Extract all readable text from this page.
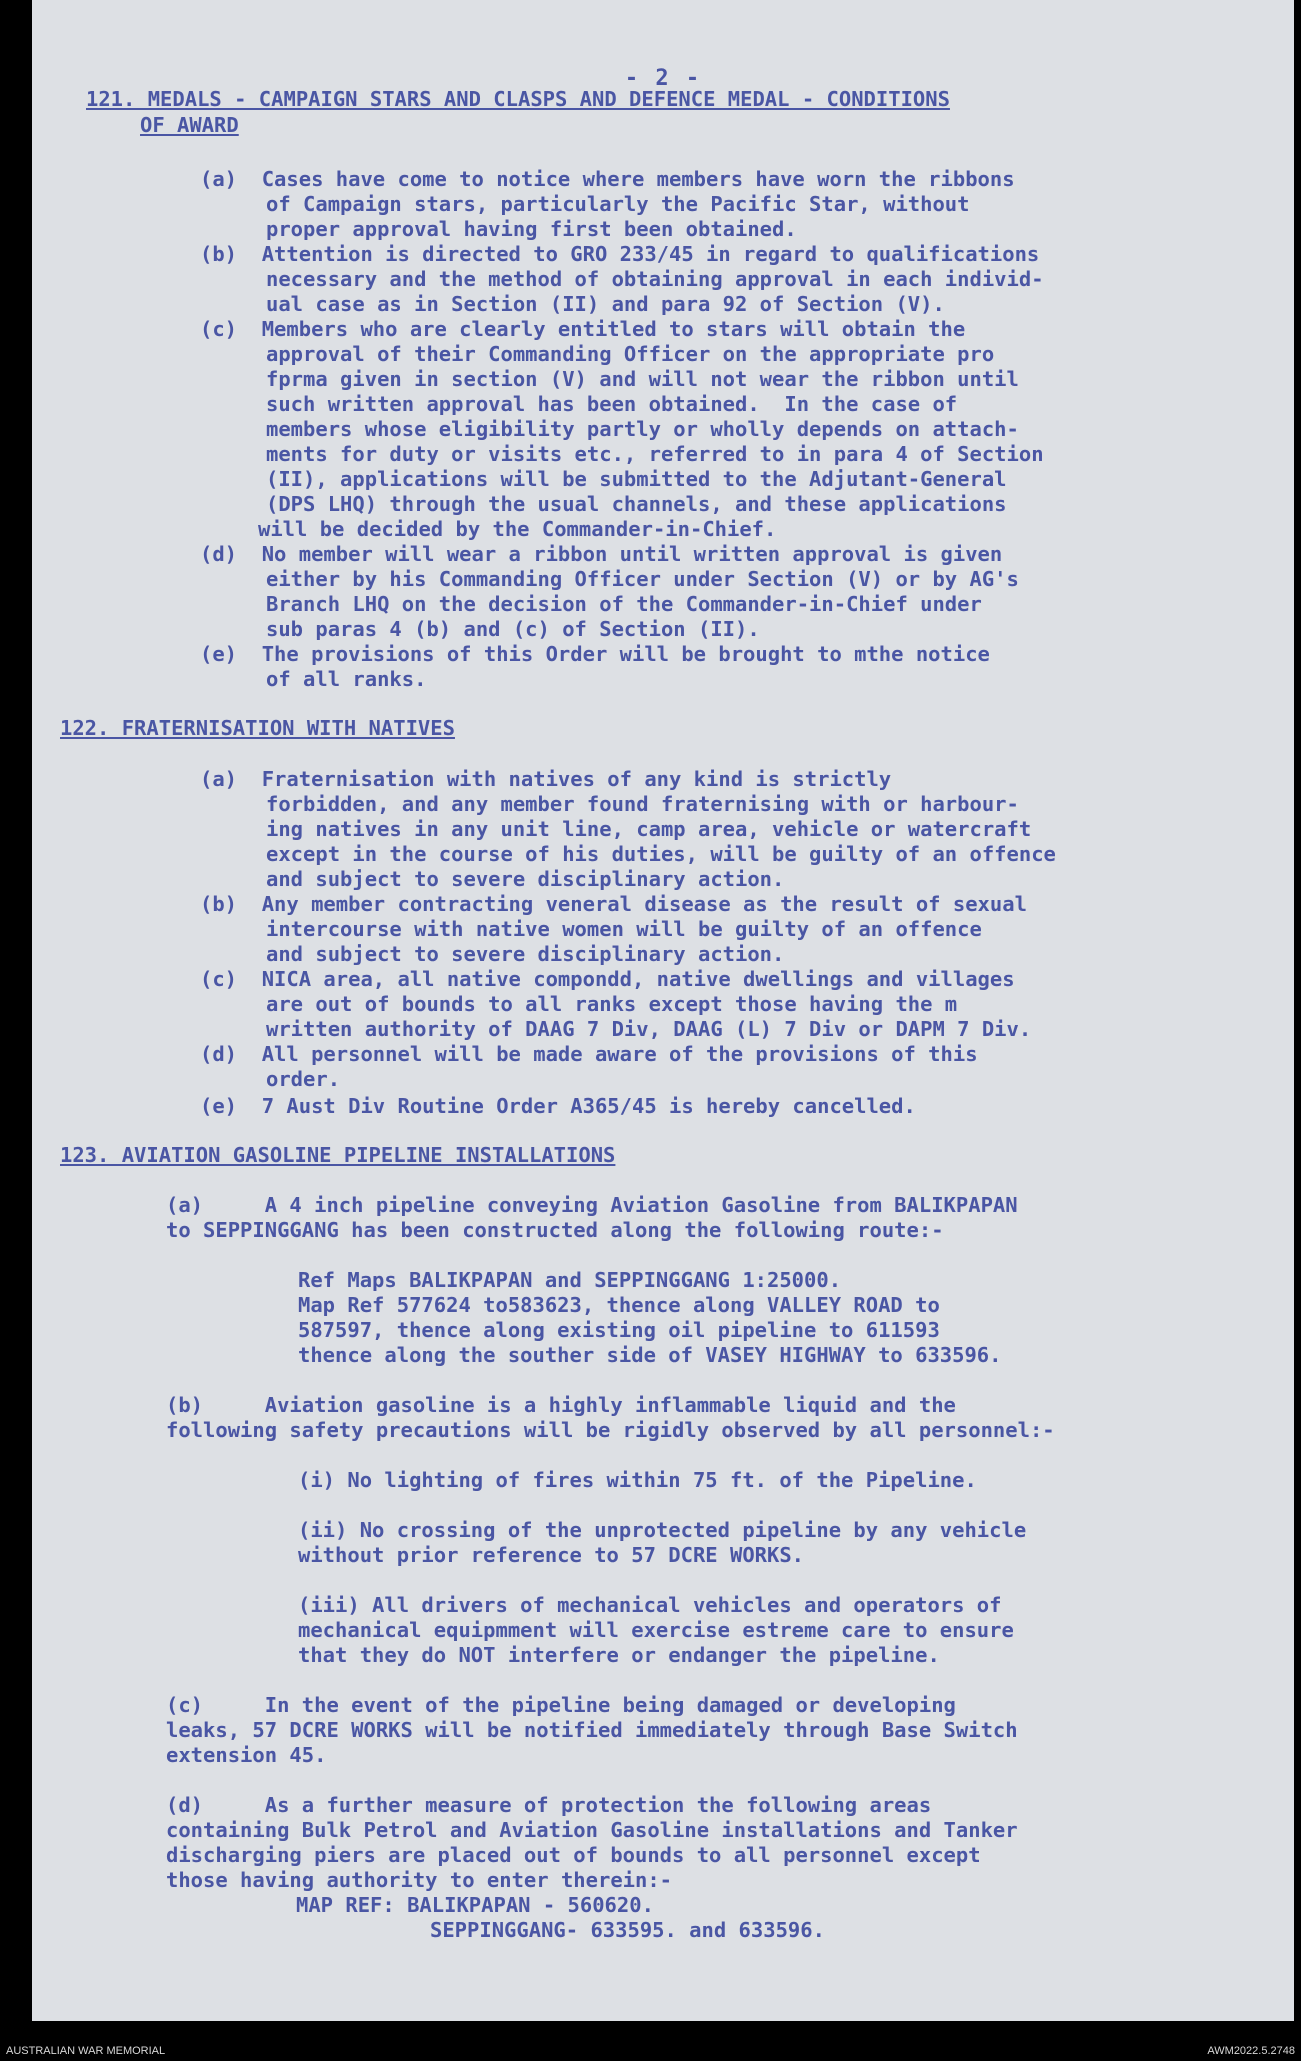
- 2 -
121. MEDALS - CAMPAIGN STARS AND CLASPS AND DEFENCE MEDAL - CONDITIONS
OF AWARD
(a)  Cases have come to notice where members have worn the ribbons
of Campaign stars, particularly the Pacific Star, without
proper approval having first been obtained.
(b)  Attention is directed to GRO 233/45 in regard to qualifications
necessary and the method of obtaining approval in each individ-
ual case as in Section (II) and para 92 of Section (V).
(c)  Members who are clearly entitled to stars will obtain the
approval of their Commanding Officer on the appropriate pro
fprma given in section (V) and will not wear the ribbon until
such written approval has been obtained.  In the case of
members whose eligibility partly or wholly depends on attach-
ments for duty or visits etc., referred to in para 4 of Section
(II), applications will be submitted to the Adjutant-General
(DPS LHQ) through the usual channels, and these applications
will be decided by the Commander-in-Chief.
(d)  No member will wear a ribbon until written approval is given
either by his Commanding Officer under Section (V) or by AG's
Branch LHQ on the decision of the Commander-in-Chief under
sub paras 4 (b) and (c) of Section (II).
(e)  The provisions of this Order will be brought to mthe notice
of all ranks.
122. FRATERNISATION WITH NATIVES
(a)  Fraternisation with natives of any kind is strictly
forbidden, and any member found fraternising with or harbour-
ing natives in any unit line, camp area, vehicle or watercraft
except in the course of his duties, will be guilty of an offence
and subject to severe disciplinary action.
(b)  Any member contracting veneral disease as the result of sexual
intercourse with native women will be guilty of an offence
and subject to severe disciplinary action.
(c)  NICA area, all native compondd, native dwellings and villages
are out of bounds to all ranks except those having the m
written authority of DAAG 7 Div, DAAG (L) 7 Div or DAPM 7 Div.
(d)  All personnel will be made aware of the provisions of this
order.
(e)  7 Aust Div Routine Order A365/45 is hereby cancelled.
123. AVIATION GASOLINE PIPELINE INSTALLATIONS
(a)     A 4 inch pipeline conveying Aviation Gasoline from BALIKPAPAN
to SEPPINGGANG has been constructed along the following route:-
Ref Maps BALIKPAPAN and SEPPINGGANG 1:25000.
Map Ref 577624 to583623, thence along VALLEY ROAD to
587597, thence along existing oil pipeline to 611593
thence along the souther side of VASEY HIGHWAY to 633596.
(b)     Aviation gasoline is a highly inflammable liquid and the
following safety precautions will be rigidly observed by all personnel:-
(i) No lighting of fires within 75 ft. of the Pipeline.
(ii) No crossing of the unprotected pipeline by any vehicle
without prior reference to 57 DCRE WORKS.
(iii) All drivers of mechanical vehicles and operators of
mechanical equipmment will exercise estreme care to ensure
that they do NOT interfere or endanger the pipeline.
(c)     In the event of the pipeline being damaged or developing
leaks, 57 DCRE WORKS will be notified immediately through Base Switch
extension 45.
(d)     As a further measure of protection the following areas
containing Bulk Petrol and Aviation Gasoline installations and Tanker
discharging piers are placed out of bounds to all personnel except
those having authority to enter therein:-
MAP REF: BALIKPAPAN - 560620.
SEPPINGGANG- 633595. and 633596.
AUSTRALIAN WAR MEMORIAL	AWM2022.5.2748
